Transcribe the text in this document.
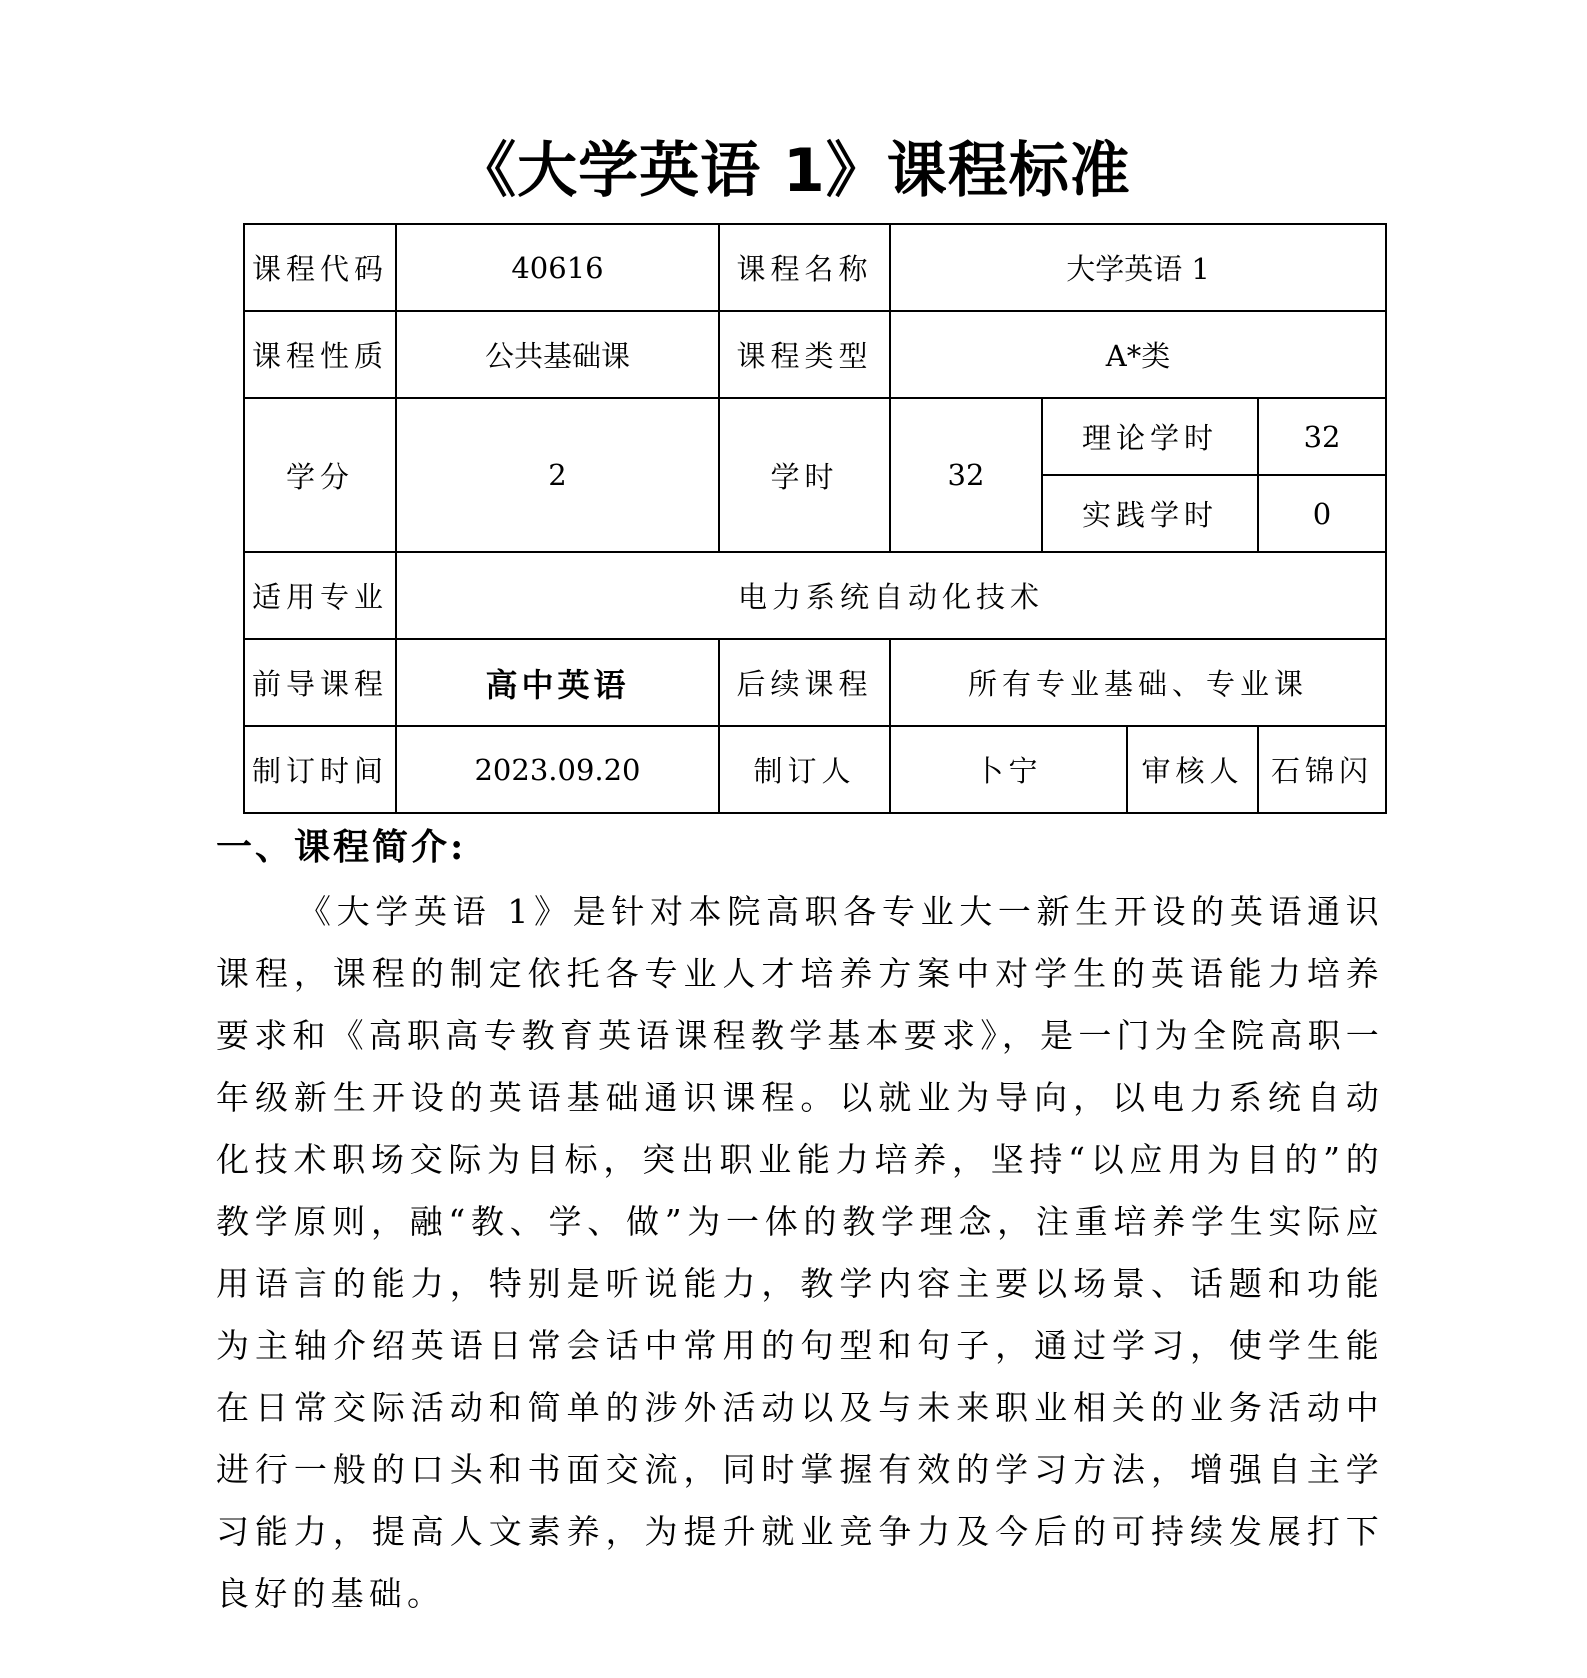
《大学英语 1》课程标准
课程代码	40616	课程名称	大学英语 1			
课程性质	公共基础课	课程类型	A*类			
学分	2	学时	32	理论学时		32
				实践学时		0
适用专业	电力系统自动化技术					
前导课程	高中英语	后续课程	所有专业基础、专业课			
制订时间	2023.09.20	制订人	卜宁		审核人	石锦闪
一、课程简介:

《大学英语 1》是针对本院高职各专业大一新生开设的英语通识课程，课程的制定依托各专业人才培养方案中对学生的英语能力培养要求和《高职高专教育英语课程教学基本要求》，是一门为全院高职一年级新生开设的英语基础通识课程。以就业为导向，以电力系统自动化技术职场交际为目标，突出职业能力培养，坚持“以应用为目的”的教学原则，融“教、学、做”为一体的教学理念，注重培养学生实际应用语言的能力，特别是听说能力，教学内容主要以场景、话题和功能为主轴介绍英语日常会话中常用的句型和句子，通过学习，使学生能在日常交际活动和简单的涉外活动以及与未来职业相关的业务活动中进行一般的口头和书面交流，同时掌握有效的学习方法，增强自主学习能力，提高人文素养，为提升就业竞争力及今后的可持续发展打下良好的基础。
